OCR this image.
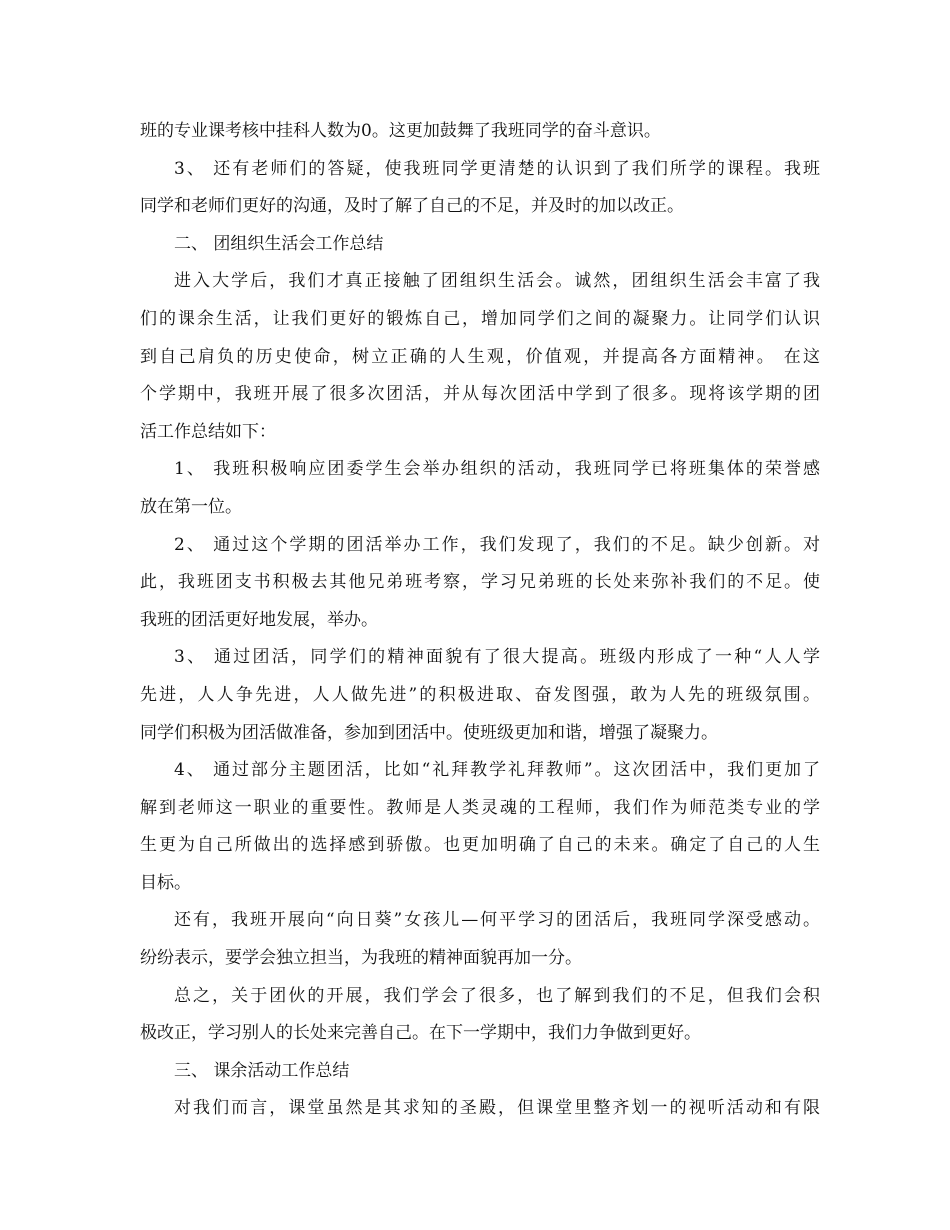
班的专业课考核中挂科人数为0。这更加鼓舞了我班同学的奋斗意识。
3、 还有老师们的答疑，使我班同学更清楚的认识到了我们所学的课程。我班
同学和老师们更好的沟通，及时了解了自己的不足，并及时的加以改正。
二、 团组织生活会工作总结
进入大学后，我们才真正接触了团组织生活会。诚然，团组织生活会丰富了我
们的课余生活，让我们更好的锻炼自己，增加同学们之间的凝聚力。让同学们认识
到自己肩负的历史使命，树立正确的人生观，价值观，并提高各方面精神。 在这
个学期中，我班开展了很多次团活，并从每次团活中学到了很多。现将该学期的团
活工作总结如下：
1、 我班积极响应团委学生会举办组织的活动，我班同学已将班集体的荣誉感
放在第一位。
2、 通过这个学期的团活举办工作，我们发现了，我们的不足。缺少创新。对
此，我班团支书积极去其他兄弟班考察，学习兄弟班的长处来弥补我们的不足。使
我班的团活更好地发展，举办。
3、 通过团活，同学们的精神面貌有了很大提高。班级内形成了一种“人人学
先进，人人争先进，人人做先进”的积极进取、奋发图强，敢为人先的班级氛围。
同学们积极为团活做准备，参加到团活中。使班级更加和谐，增强了凝聚力。
4、 通过部分主题团活，比如“礼拜教学礼拜教师”。这次团活中，我们更加了
解到老师这一职业的重要性。教师是人类灵魂的工程师，我们作为师范类专业的学
生更为自己所做出的选择感到骄傲。也更加明确了自己的未来。确定了自己的人生
目标。
还有，我班开展向“向日葵”女孩儿—何平学习的团活后，我班同学深受感动。
纷纷表示，要学会独立担当，为我班的精神面貌再加一分。
总之，关于团伙的开展，我们学会了很多，也了解到我们的不足，但我们会积
极改正，学习别人的长处来完善自己。在下一学期中，我们力争做到更好。
三、 课余活动工作总结
对我们而言，课堂虽然是其求知的圣殿，但课堂里整齐划一的视听活动和有限
